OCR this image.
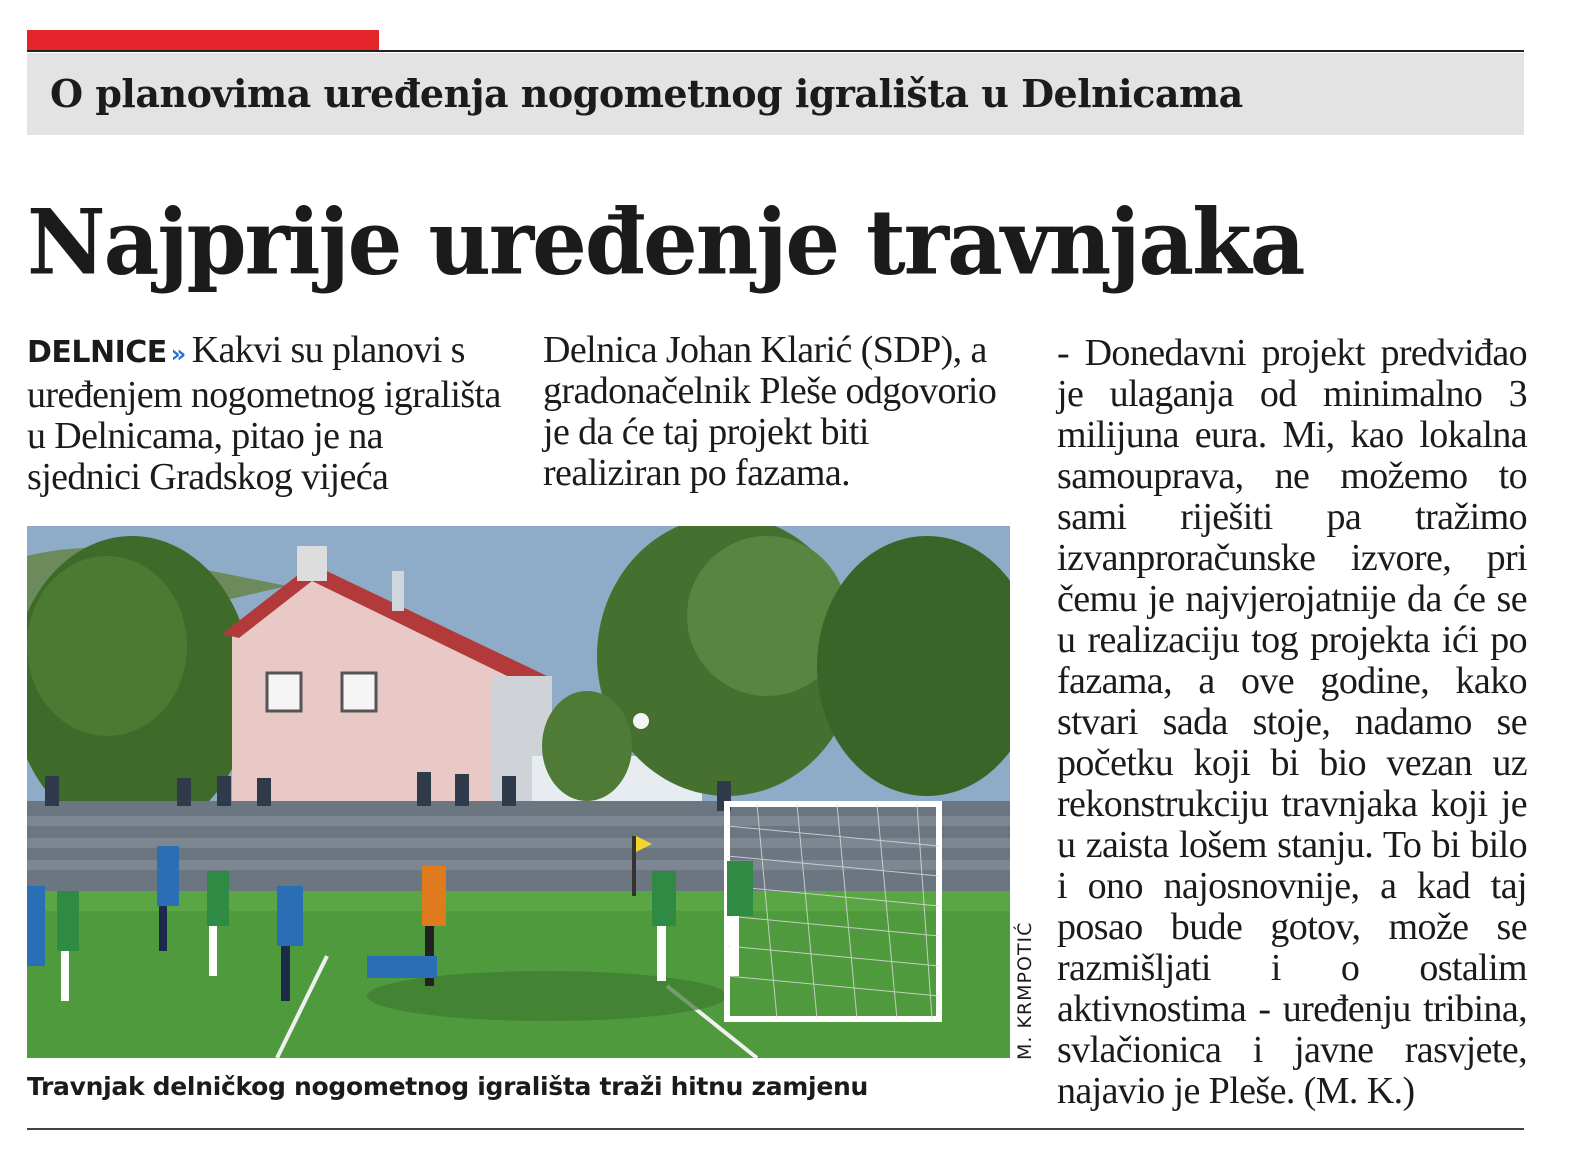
O planovima uređenja nogometnog igrališta u Delnicama
Najprije uređenje travnjaka

DELNICE » Kakvi su planovi s uređenjem nogometnog igrališta u Delnicama, pitao je na sjednici Gradskog vijeća

Delnica Johan Klarić (SDP), a gradonačelnik Pleše odgovorio je da će taj projekt biti realiziran po fazama.

- Donedavni projekt predviđao je ulaganja od minimalno 3 milijuna eura. Mi, kao lokalna samouprava, ne možemo to sami riješiti pa tražimo izvanproračunske izvore, pri čemu je najvjerojatnije da će se u realizaciju tog projekta ići po fazama, a ove godine, kako stvari sada stoje, nadamo se početku koji bi bio vezan uz rekonstrukciju travnjaka koji je u zaista lošem stanju. To bi bilo i ono najosnovnije, a kad taj posao bude gotov, može se razmišljati i o ostalim aktivnostima - uređenju tribina, svlačionica i javne rasvjete, najavio je Pleše. (M. K.)

M. KRMPOTIĆ
Travnjak delničkog nogometnog igrališta traži hitnu zamjenu
